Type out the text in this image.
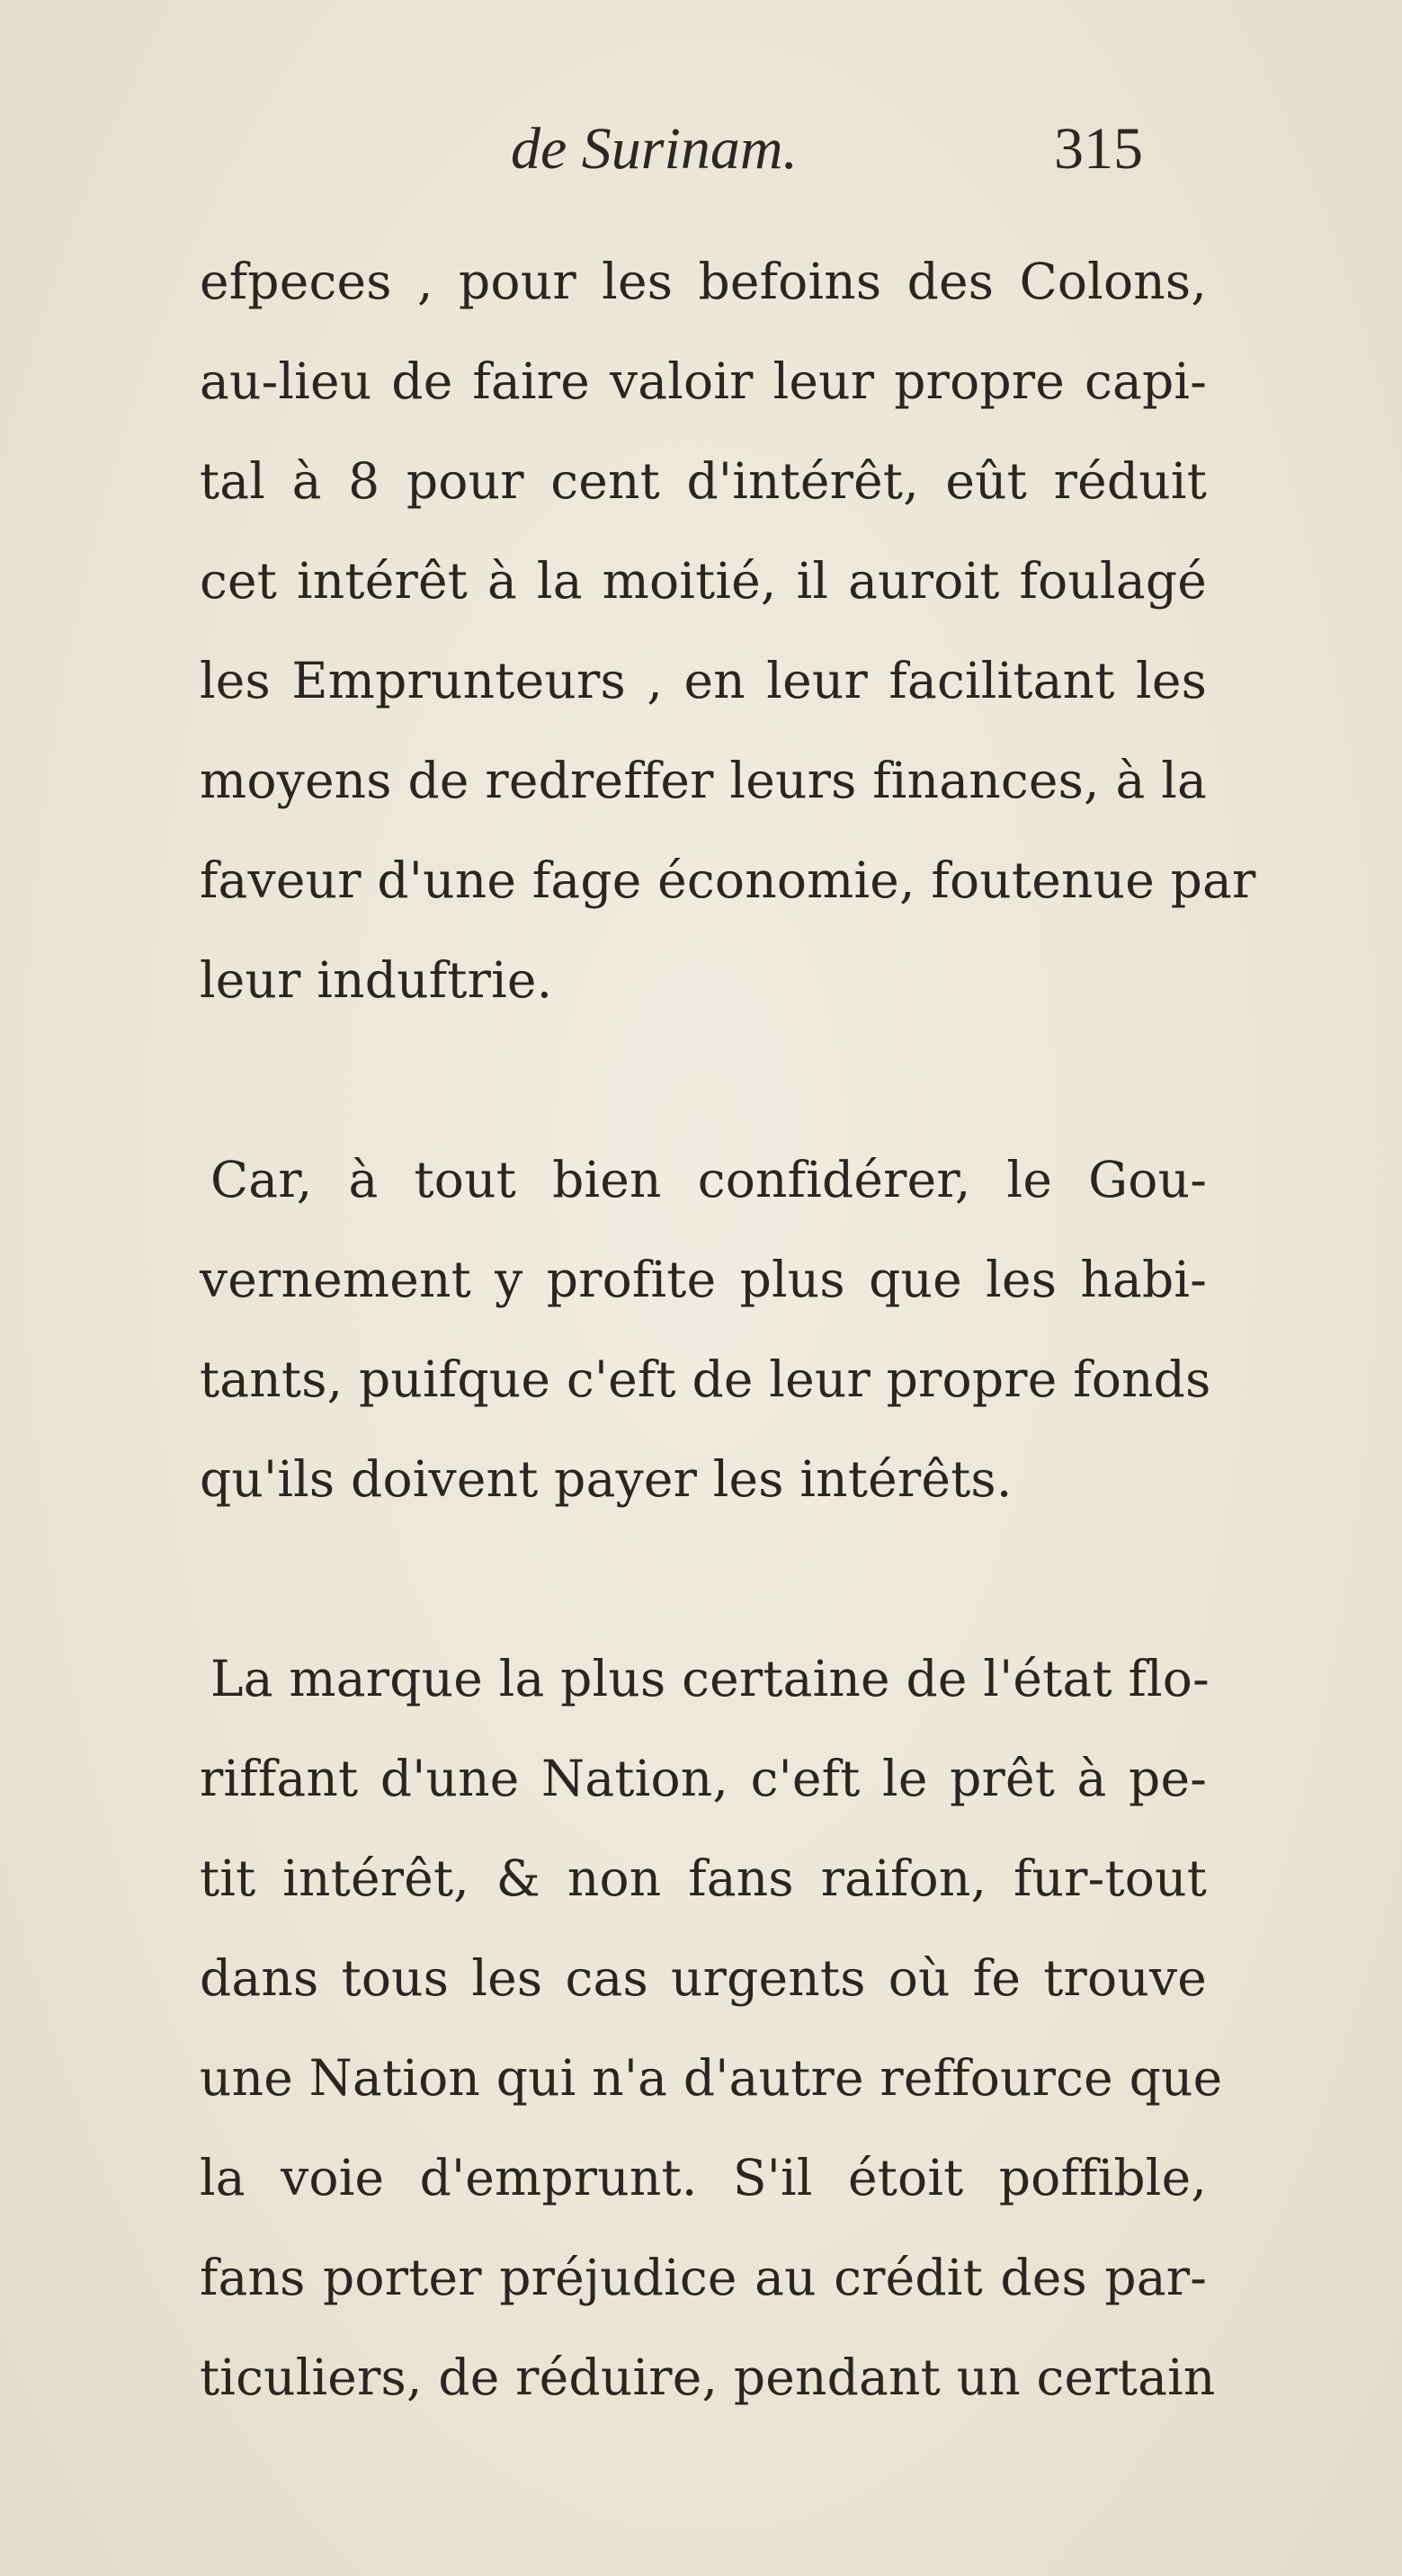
de Surinam.	315
efpeces , pour les befoins des Colons,
au-lieu de faire valoir leur propre capi-
tal à 8 pour cent d'intérêt, eût réduit
cet intérêt à la moitié, il auroit foulagé
les Emprunteurs , en leur facilitant les
moyens de redreffer leurs finances, à la
faveur d'une fage économie, foutenue par
leur induftrie.
Car, à tout bien confidérer, le Gou-
vernement y profite plus que les habi-
tants, puifque c'eft de leur propre fonds
qu'ils doivent payer les intérêts.
La marque la plus certaine de l'état flo-
riffant d'une Nation, c'eft le prêt à pe-
tit intérêt, & non fans raifon, fur-tout
dans tous les cas urgents où fe trouve
une Nation qui n'a d'autre reffource que
la voie d'emprunt. S'il étoit poffible,
fans porter préjudice au crédit des par-
ticuliers, de réduire, pendant un certain
